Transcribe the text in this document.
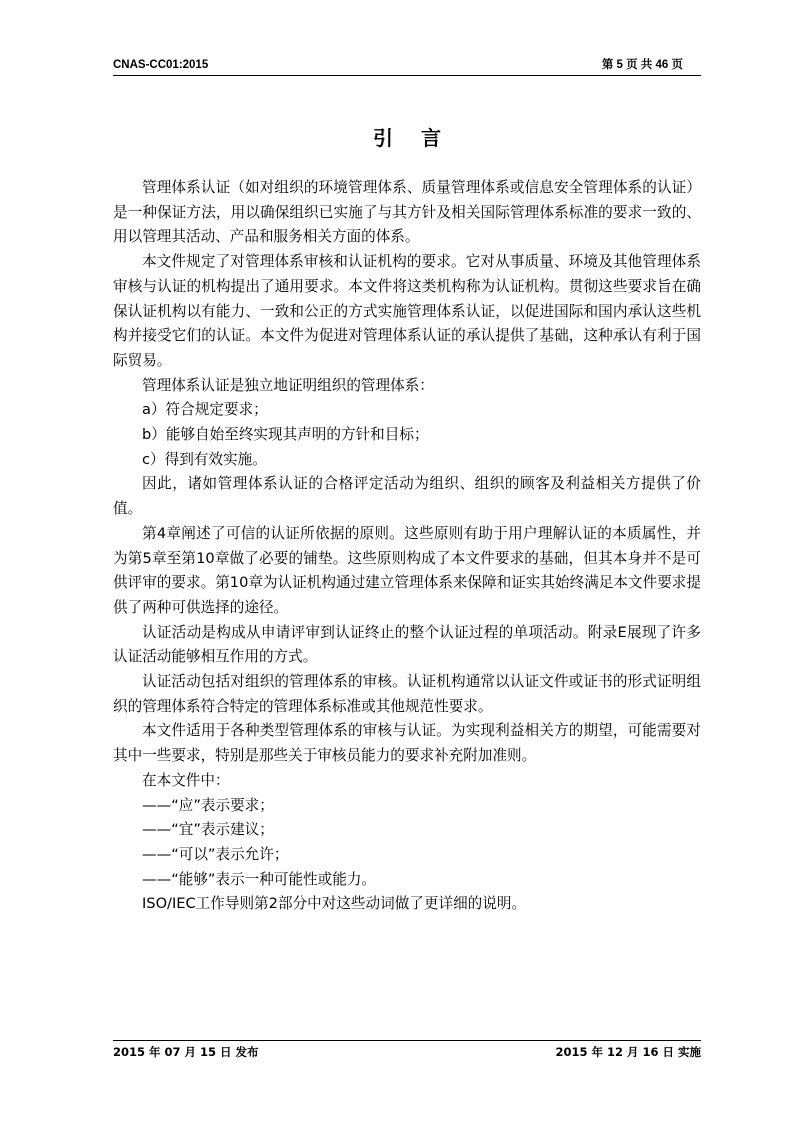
CNAS-CC01:2015	第 5 页 共 46 页
引言

管理体系认证（如对组织的环境管理体系、质量管理体系或信息安全管理体系的认证）是一种保证方法，用以确保组织已实施了与其方针及相关国际管理体系标准的要求一致的、用以管理其活动、产品和服务相关方面的体系。

本文件规定了对管理体系审核和认证机构的要求。它对从事质量、环境及其他管理体系审核与认证的机构提出了通用要求。本文件将这类机构称为认证机构。贯彻这些要求旨在确保认证机构以有能力、一致和公正的方式实施管理体系认证，以促进国际和国内承认这些机构并接受它们的认证。本文件为促进对管理体系认证的承认提供了基础，这种承认有利于国际贸易。

管理体系认证是独立地证明组织的管理体系：

a）符合规定要求；

b）能够自始至终实现其声明的方针和目标；

c）得到有效实施。

因此，诸如管理体系认证的合格评定活动为组织、组织的顾客及利益相关方提供了价值。

第4章阐述了可信的认证所依据的原则。这些原则有助于用户理解认证的本质属性，并为第5章至第10章做了必要的铺垫。这些原则构成了本文件要求的基础，但其本身并不是可供评审的要求。第10章为认证机构通过建立管理体系来保障和证实其始终满足本文件要求提供了两种可供选择的途径。

认证活动是构成从申请评审到认证终止的整个认证过程的单项活动。附录E展现了许多认证活动能够相互作用的方式。

认证活动包括对组织的管理体系的审核。认证机构通常以认证文件或证书的形式证明组织的管理体系符合特定的管理体系标准或其他规范性要求。

本文件适用于各种类型管理体系的审核与认证。为实现利益相关方的期望，可能需要对其中一些要求，特别是那些关于审核员能力的要求补充附加准则。

在本文件中：

——“应”表示要求；

——“宜”表示建议；

——“可以”表示允许；

——“能够”表示一种可能性或能力。

ISO/IEC工作导则第2部分中对这些动词做了更详细的说明。

2015 年 07 月 15 日 发布	2015 年 12 月 16 日 实施
